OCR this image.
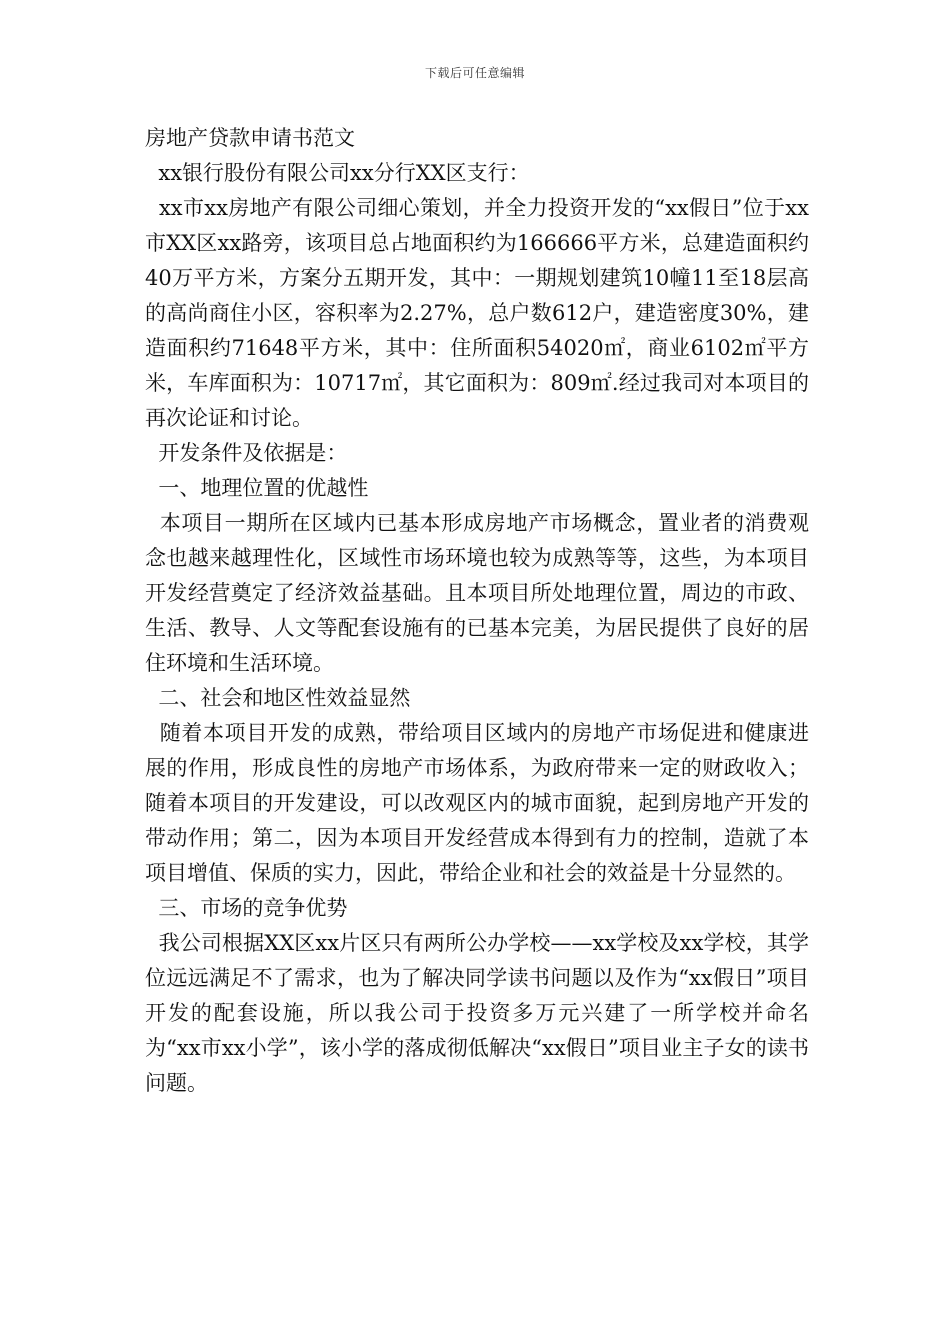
下载后可任意编辑

房地产贷款申请书范文

xx银行股份有限公司xx分行XX区支行：

xx市xx房地产有限公司细心策划，并全力投资开发的“xx假日”位于xx市XX区xx路旁，该项目总占地面积约为166666平方米，总建造面积约40万平方米，方案分五期开发，其中：一期规划建筑10幢11至18层高的高尚商住小区，容积率为2.27%，总户数612户，建造密度30%，建造面积约71648平方米，其中：住所面积54020㎡，商业6102㎡平方米，车库面积为：10717㎡，其它面积为：809㎡.经过我司对本项目的再次论证和讨论。

开发条件及依据是：

一、地理位置的优越性

本项目一期所在区域内已基本形成房地产市场概念，置业者的消费观念也越来越理性化，区域性市场环境也较为成熟等等，这些，为本项目开发经营奠定了经济效益基础。且本项目所处地理位置，周边的市政、生活、教导、人文等配套设施有的已基本完美，为居民提供了良好的居住环境和生活环境。

二、社会和地区性效益显然

随着本项目开发的成熟，带给项目区域内的房地产市场促进和健康进展的作用，形成良性的房地产市场体系，为政府带来一定的财政收入；随着本项目的开发建设，可以改观区内的城市面貌，起到房地产开发的带动作用；第二，因为本项目开发经营成本得到有力的控制，造就了本项目增值、保质的实力，因此，带给企业和社会的效益是十分显然的。

三、市场的竞争优势

我公司根据XX区xx片区只有两所公办学校——xx学校及xx学校，其学位远远满足不了需求，也为了解决同学读书问题以及作为“xx假日”项目开发的配套设施，所以我公司于投资多万元兴建了一所学校并命名为“xx市xx小学”，该小学的落成彻低解决“xx假日”项目业主子女的读书问题。
